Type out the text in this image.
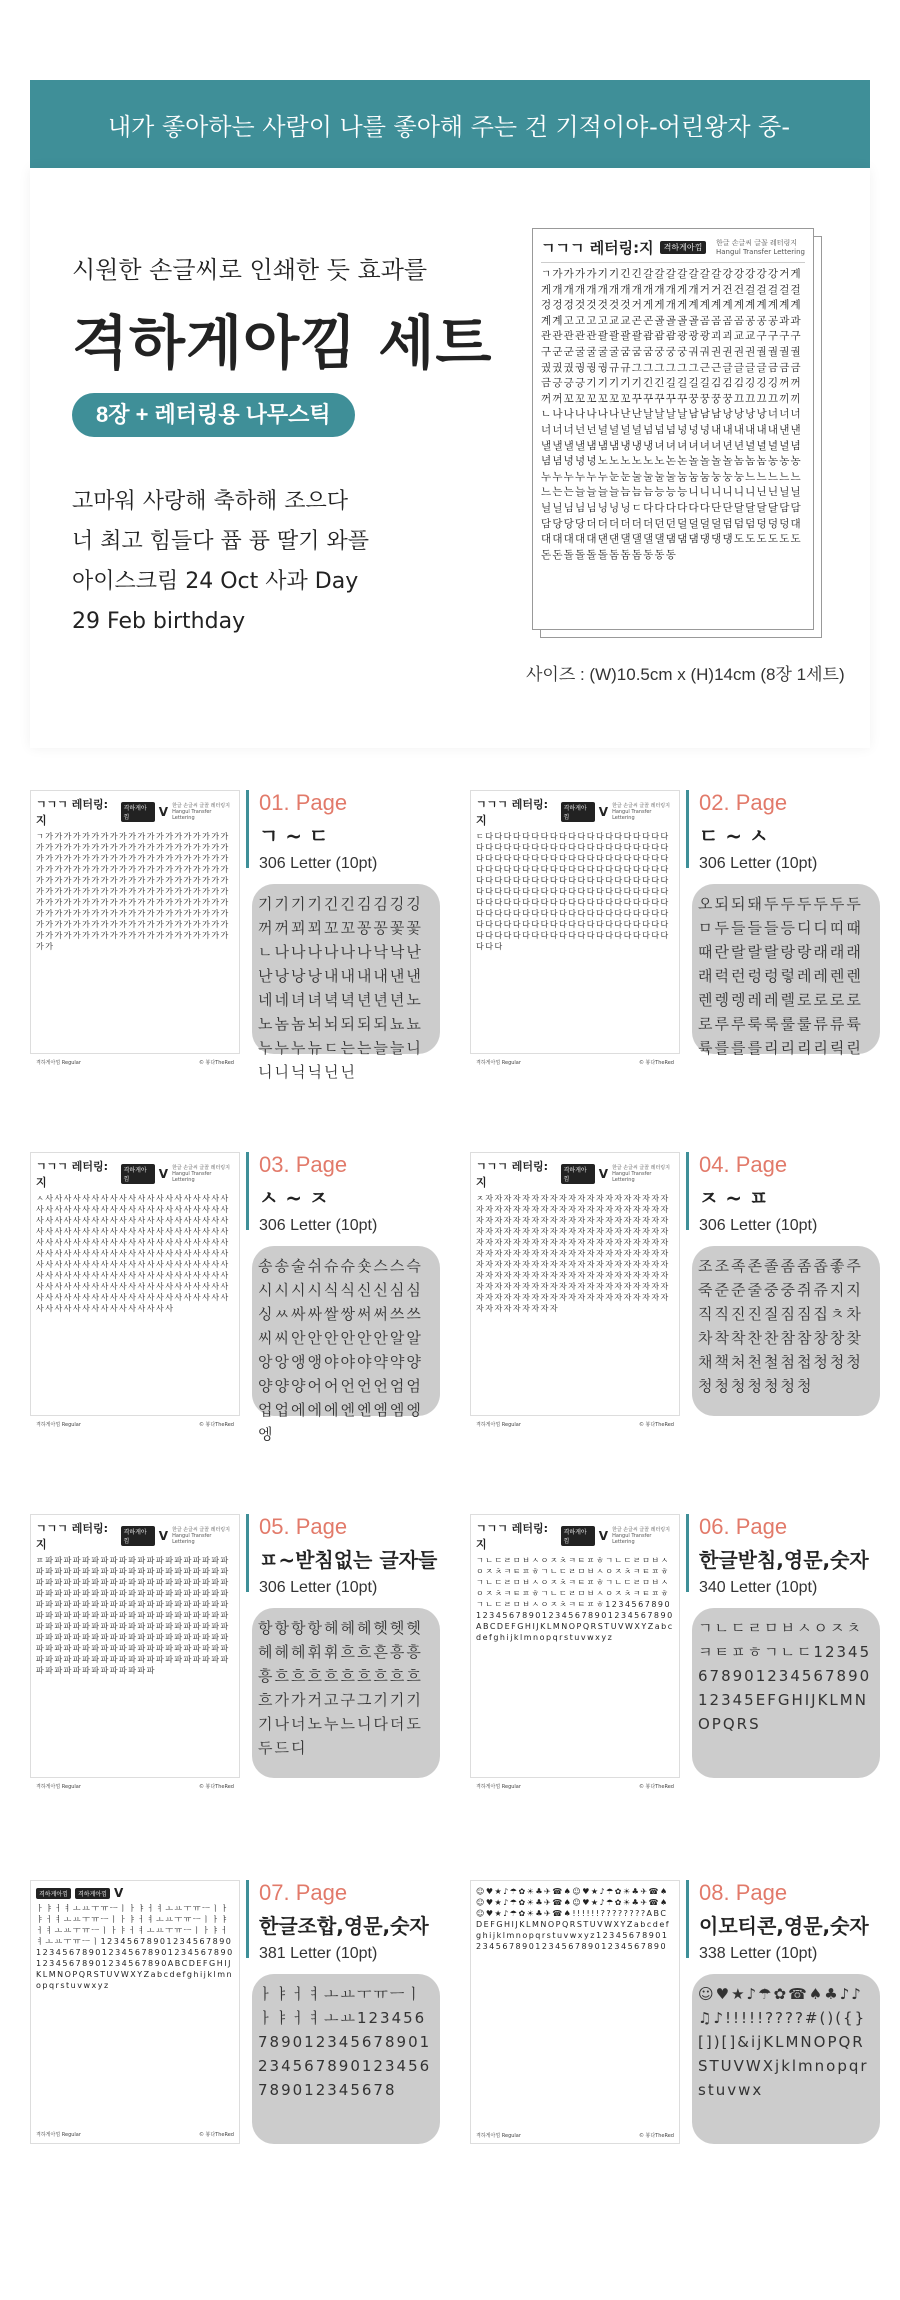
내가 좋아하는 사람이 나를 좋아해 주는 건 기적이야 -어린왕자 중-
시원한 손글씨로 인쇄한 듯 효과를
격하게아낌 세트
8장 + 레터링용 나무스틱
고마워 사랑해 축하해 조으다
너 최고 힘들다 퓹 퓽 딸기 와플
아이스크림 24 Oct 사과 Day
29 Feb birthday
ㄱㄱㄱ 레터링:지	격하게아낌
한글 손글씨 글꼴 레터링지
Hangul Transfer Lettering
ㄱ가가가가기기긴긴갈갈갈갈갈갈갈강강강강강거게게개개개개개개개개개개개게개거거건건걸걸걸걸걸겅겅겅것것것것것거게게개게계계계계계계계계계계계계고고고고교교곤곤골골골골곰곰곰곰공공공과과관관관관관괄괄괄괄괌괌괌광광광괴괴교교구구구구구군군굴굴굴굴굼굼굼궁궁궁궈궈권권권권궐궐궐궐궜궜궜궝궝궝규규그그그그그그근근글글글글금금금금긍긍긍기기기기기긴긴길길길길김김김깅깅깅꺼꺼꺼꺼꼬꼬꼬꼬꼬꼬꾸꾸꾸꾸꾸꿍꿍꿍꿍끄끄끄끄끼끼ㄴ나나나나나나난난날날날날남남남낭낭낭낭너너너너너너넌넌널널널널넘넘넘넝넝넝내내내내내내낸낸낼낼낼낼냄냄냄냉냉냉녀녀녀녀녀녀년년녈녈녈녈념념념녕녕녕노노노노노노논논놀놀놀놀놈놈놈농농농누누누누누누눈눈눌눌눌눌눔눔눔눙눙눙느느느느느느는는늘늘늘늘늠늠늠능능능니니니니니니닌닌닐닐닐닐님님님닝닝닝ㄷ다다다다다다단단달달달달담담담당당당더더더더더더던던덜덜덜덜덤덤덤덩덩덩대대대대대대댄댄댈댈댈댈댐댐댐댕댕댕도도도도도도돈돈돌돌돌돌돔돔돔동동동
사이즈 : (W)10.5cm x (H)14cm (8장 1세트)
ㄱㄱㄱ 레터링:지
격하게아낌	V 한글 손글씨 글꼴 레터링지
Hangul Transfer Lettering
ㄱ가가가가가가가가가가가가가가가가가가가가가가가가가가가가가가가가가가가가가가가가가가가가가가가가가가가가가가가가가가가가가가가가가가가가가가가가가가가가가가가가가가가가가가가가가가가가가가가가가가가가가가가가가가가가가가가가가가가가가가가가가가가가가가가가가가가가가가가가가가가가가가가가가가가가가가가가가가가가가가가가가가가가가가가가가가가가가가가가가가가가가가가가가가가가가가가가가가가가가가가가가가가가가가가가가가가
격하게아낌 Regular	© 봉다TheRed
01. Page
ㄱ ~ ㄷ
306 Letter (10pt)
기기기기긴긴김김깅깅꺼꺼꾀꾀꼬꼬꽁꽁꽃꽃ㄴ나나나나나나낙낙난난낭낭낭내내내내낸낸네네녀녀녁녁년년년노노놈놈뇌뇌되되되뇨뇨누누누뉴ㄷ는는늘늘니니니닉닉닌닌
ㄱㄱㄱ 레터링:지
격하게아낌	V 한글 손글씨 글꼴 레터링지
Hangul Transfer Lettering
ㄷ다다다다다다다다다다다다다다다다다다다다다다다다다다다다다다다다다다다다다다다다다다다다다다다다다다다다다다다다다다다다다다다다다다다다다다다다다다다다다다다다다다다다다다다다다다다다다다다다다다다다다다다다다다다다다다다다다다다다다다다다다다다다다다다다다다다다다다다다다다다다다다다다다다다다다다다다다다다다다다다다다다다다다다다다다다다다다다다다다다다다다다다다다다다다다다다다다다다다다다다다다다다다다다다다다다다다
격하게아낌 Regular	© 봉다TheRed
02. Page
ㄷ ~ ㅅ
306 Letter (10pt)
오되되돼두두두두두두ㅁ두들들들등디디띠때때란랄랄랄랑랑래래래래럭런렁렁렇레레렌렌렌렝렝레레렐로로로로로루루룩룩룰룰류류륙륙를를를리리리리릭린
ㄱㄱㄱ 레터링:지
격하게아낌	V 한글 손글씨 글꼴 레터링지
Hangul Transfer Lettering
ㅅ사사사사사사사사사사사사사사사사사사사사사사사사사사사사사사사사사사사사사사사사사사사사사사사사사사사사사사사사사사사사사사사사사사사사사사사사사사사사사사사사사사사사사사사사사사사사사사사사사사사사사사사사사사사사사사사사사사사사사사사사사사사사사사사사사사사사사사사사사사사사사사사사사사사사사사사사사사사사사사사사사사사사사사사사사사사사사사사사사사사사사사사사사사사사사사사사사사사사사사사사사사사사사사사사사사사사사사사사사사사사사사사사
격하게아낌 Regular	© 봉다TheRed
03. Page
ㅅ ~ ㅈ
306 Letter (10pt)
송송술쉬슈슈숏스스슥시시시시식식신신심심싱ㅆ싸싸쌀쌍써써쓰쓰씨씨안안안안안안알알앙앙앵앵야야야약약양양양양어어언언언엄엄업업에에에엔엔엠엠엥엥
ㄱㄱㄱ 레터링:지
격하게아낌	V 한글 손글씨 글꼴 레터링지
Hangul Transfer Lettering
ㅈ자자자자자자자자자자자자자자자자자자자자자자자자자자자자자자자자자자자자자자자자자자자자자자자자자자자자자자자자자자자자자자자자자자자자자자자자자자자자자자자자자자자자자자자자자자자자자자자자자자자자자자자자자자자자자자자자자자자자자자자자자자자자자자자자자자자자자자자자자자자자자자자자자자자자자자자자자자자자자자자자자자자자자자자자자자자자자자자자자자자자자자자자자자자자자자자자자자자자자자자자자자자자자자자자자자자자자자자자자자
격하게아낌 Regular	© 봉다TheRed
04. Page
ㅈ ~ ㅍ
306 Letter (10pt)
조조족존졸좀좀좁좋주죽준준줄중중쥐쥬지지직직진진질짐짐집ㅊ차차착착찬찬참참창창찾채책처천철첨첩청청청청청청청청청청
ㄱㄱㄱ 레터링:지
격하게아낌	V 한글 손글씨 글꼴 레터링지
Hangul Transfer Lettering
ㅍ파파파파파파파파파파파파파파파파파파파파파파파파파파파파파파파파파파파파파파파파파파파파파파파파파파파파파파파파파파파파파파파파파파파파파파파파파파파파파파파파파파파파파파파파파파파파파파파파파파파파파파파파파파파파파파파파파파파파파파파파파파파파파파파파파파파파파파파파파파파파파파파파파파파파파파파파파파파파파파파파파파파파파파파파파파파파파파파파파파파파파파파파파파파파파파파파파파파파파파파파파파파파파파파파파파파파파파파파파파파파파파
격하게아낌 Regular	© 봉다TheRed
05. Page
ㅍ~받침없는 글자들
306 Letter (10pt)
항항항항헤헤헤헷헷헷헤헤헤휘휘흐흐흔흥흥흥흐흐흐흐흐흐흐흐흐흐가가거고구그기기기기나너노누느니다더도두드디
ㄱㄱㄱ 레터링:지
격하게아낌	V 한글 손글씨 글꼴 레터링지
Hangul Transfer Lettering
ㄱㄴㄷㄹㅁㅂㅅㅇㅈㅊㅋㅌㅍㅎㄱㄴㄷㄹㅁㅂㅅㅇㅈㅊㅋㅌㅍㅎㄱㄴㄷㄹㅁㅂㅅㅇㅈㅊㅋㅌㅍㅎㄱㄴㄷㄹㅁㅂㅅㅇㅈㅊㅋㅌㅍㅎㄱㄴㄷㄹㅁㅂㅅㅇㅈㅊㅋㅌㅍㅎㄱㄴㄷㄹㅁㅂㅅㅇㅈㅊㅋㅌㅍㅎㄱㄴㄷㄹㅁㅂㅅㅇㅈㅊㅋㅌㅍㅎ1234567890123456789012345678901234567890ABCDEFGHIJKLMNOPQRSTUVWXYZabcdefghijklmnopqrstuvwxyz
격하게아낌 Regular	© 봉다TheRed
06. Page
한글받침,영문,숫자
340 Letter (10pt)
ㄱㄴㄷㄹㅁㅂㅅㅇㅈㅊㅋㅌㅍㅎㄱㄴㄷ1234567890123456789012345EFGHIJKLMNOPQRS
격하게아낌	격하게아낌 V
ㅏㅑㅓㅕㅗㅛㅜㅠㅡㅣㅏㅑㅓㅕㅗㅛㅜㅠㅡㅣㅏㅑㅓㅕㅗㅛㅜㅠㅡㅣㅏㅑㅓㅕㅗㅛㅜㅠㅡㅣㅏㅑㅓㅕㅗㅛㅜㅠㅡㅣㅏㅑㅓㅕㅗㅛㅜㅠㅡㅣㅏㅑㅓㅕㅗㅛㅜㅠㅡㅣ1234567890123456789012345678901234567890123456789012345678901234567890ABCDEFGHIJKLMNOPQRSTUVWXYZabcdefghijklmnopqrstuvwxyz
격하게아낌 Regular	© 봉다TheRed
07. Page
한글조합,영문,숫자
381 Letter (10pt)
ㅏㅑㅓㅕㅗㅛㅜㅠㅡㅣㅏㅑㅓㅕㅗㅛ123456789012345678901234567890123456789012345678
☺♥★♪☂✿☀♣✈☎♠☺♥★♪☂✿☀♣✈☎♠☺♥★♪☂✿☀♣✈☎♠☺♥★♪☂✿☀♣✈☎♠☺♥★♪☂✿☀♣✈☎♠!!!!!!????????ABCDEFGHIJKLMNOPQRSTUVWXYZabcdefghijklmnopqrstuvwxyz1234567890123456789012345678901234567890
격하게아낌 Regular	© 봉다TheRed
08. Page
이모티콘,영문,숫자
338 Letter (10pt)
☺♥★♪☂✿☎♠♣♪♪♫♪!!!!!????#()({}[])[]&ijKLMNOPQRSTUVWXjklmnopqrstuvwx
